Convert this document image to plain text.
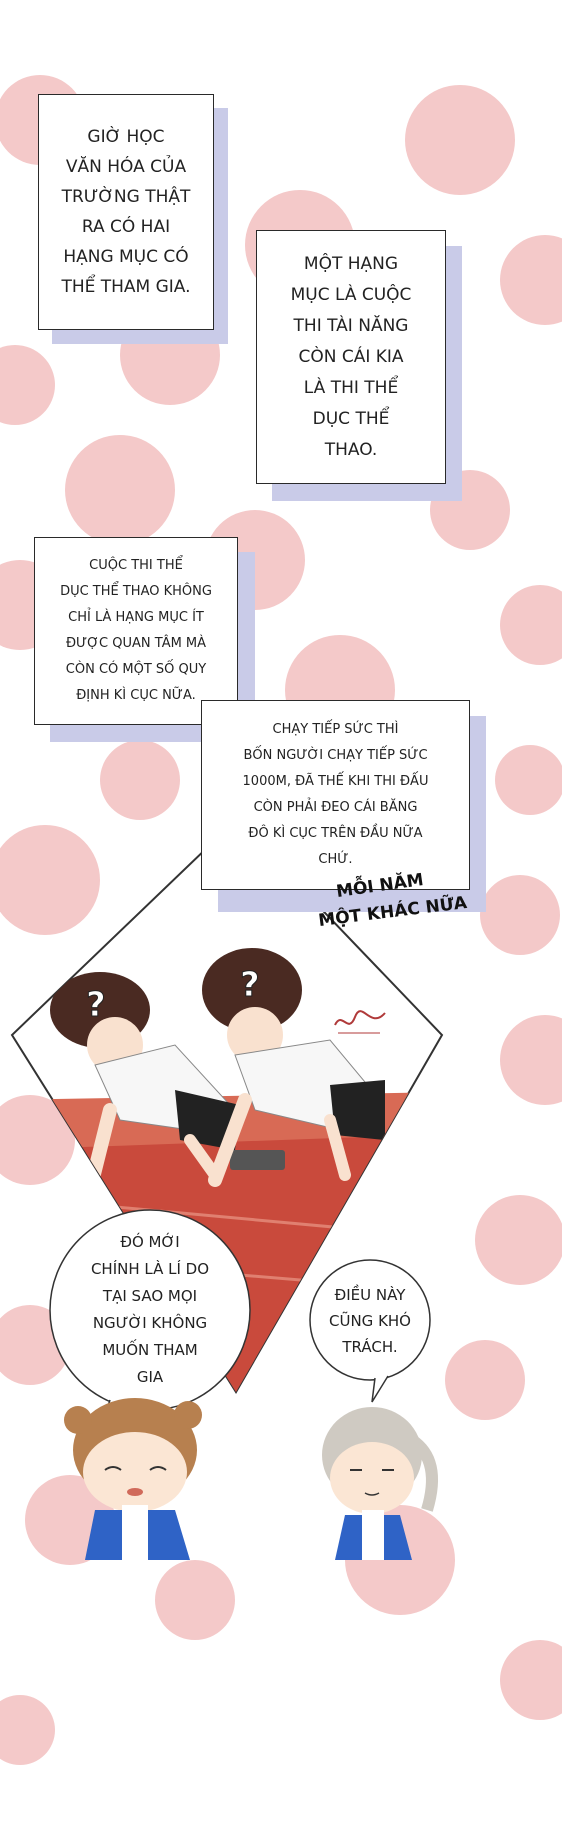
?	?
GIỜ HỌC
VĂN HÓA CỦA
TRƯỜNG THẬT
RA CÓ HAI
HẠNG MỤC CÓ
THỂ THAM GIA.
MỘT HẠNG
MỤC LÀ CUỘC
THI TÀI NĂNG
CÒN CÁI KIA
LÀ THI THỂ
DỤC THỂ
THAO.
CUỘC THI THỂ
DỤC THỂ THAO KHÔNG
CHỈ LÀ HẠNG MỤC ÍT
ĐƯỢC QUAN TÂM MÀ
CÒN CÓ MỘT SỐ QUY
ĐỊNH KÌ CỤC NỮA.
CHẠY TIẾP SỨC THÌ
BỐN NGƯỜI CHẠY TIẾP SỨC
1000M, ĐÃ THẾ KHI THI ĐẤU
CÒN PHẢI ĐEO CÁI BĂNG
ĐÔ KÌ CỤC TRÊN ĐẦU NỮA
CHỨ.
MỖI NĂM
MỘT KHÁC NỮA
ĐÓ MỚI
CHÍNH LÀ LÍ DO
TẠI SAO MỌI
NGƯỜI KHÔNG
MUỐN THAM
GIA
ĐIỀU NÀY
CŨNG KHÓ
TRÁCH.
